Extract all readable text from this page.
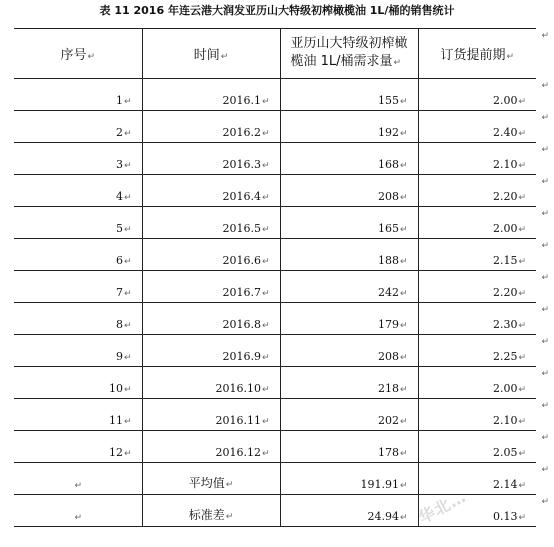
表 11 2016 年连云港大润发亚历山大特级初榨橄榄油 1L/桶的销售统计
序号↵	时间↵	亚历山大特级初榨橄
榄油 1L/桶需求量↵	订货提前期↵
↵

1↵	2016.1↵	155↵	2.00↵
↵

2↵	2016.2↵	192↵	2.40↵
↵

3↵	2016.3↵	168↵	2.10↵
↵

4↵	2016.4↵	208↵	2.20↵
↵

5↵	2016.5↵	165↵	2.00↵
↵

6↵	2016.6↵	188↵	2.15↵
↵

7↵	2016.7↵	242↵	2.20↵
↵

8↵	2016.8↵	179↵	2.30↵
↵

9↵	2016.9↵	208↵	2.25↵
↵

10↵	2016.10↵	218↵	2.00↵
↵

11↵	2016.11↵	202↵	2.10↵
↵

12↵	2016.12↵	178↵	2.05↵
↵

↵	平均值↵	191.91↵	2.14↵
↵

↵	标准差↵	24.94↵	0.13↵
↵
华北…
